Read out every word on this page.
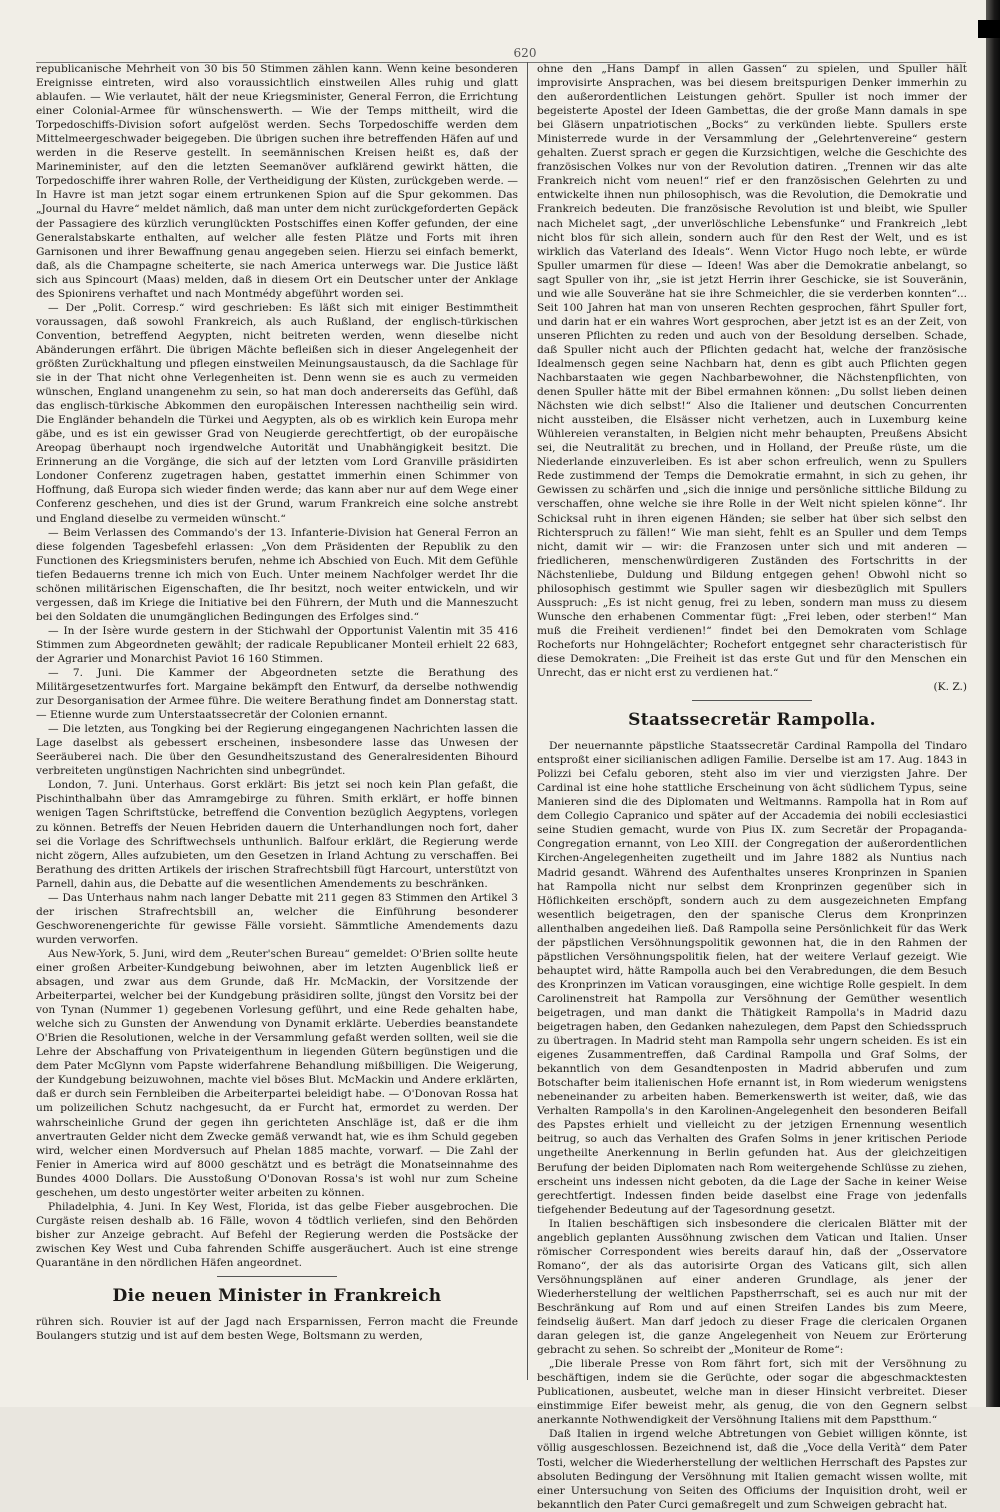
620

republicanische Mehrheit von 30 bis 50 Stimmen zählen kann. Wenn keine besonderen Ereignisse eintreten, wird also voraussichtlich einstweilen Alles ruhig und glatt ablaufen. — Wie verlautet, hält der neue Kriegsminister, General Ferron, die Errichtung einer Colonial-Armee für wünschenswerth. — Wie der Temps mittheilt, wird die Torpedoschiffs-Division sofort aufgelöst werden. Sechs Torpedoschiffe werden dem Mittelmeergeschwader beigegeben. Die übrigen suchen ihre betreffenden Häfen auf und werden in die Reserve gestellt. In seemännischen Kreisen heißt es, daß der Marineminister, auf den die letzten Seemanöver aufklärend gewirkt hätten, die Torpedoschiffe ihrer wahren Rolle, der Vertheidigung der Küsten, zurückgeben werde. — In Havre ist man jetzt sogar einem ertrunkenen Spion auf die Spur gekommen. Das „Journal du Havre“ meldet nämlich, daß man unter dem nicht zurückgeforderten Gepäck der Passagiere des kürzlich verunglückten Postschiffes einen Koffer gefunden, der eine Generalstabskarte enthalten, auf welcher alle festen Plätze und Forts mit ihren Garnisonen und ihrer Bewaffnung genau angegeben seien. Hierzu sei einfach bemerkt, daß, als die Champagne scheiterte, sie nach America unterwegs war. Die Justice läßt sich aus Spincourt (Maas) melden, daß in diesem Ort ein Deutscher unter der Anklage des Spionirens verhaftet und nach Montmédy abgeführt worden sei.

— Der „Polit. Corresp.“ wird geschrieben: Es läßt sich mit einiger Bestimmtheit voraussagen, daß sowohl Frankreich, als auch Rußland, der englisch-türkischen Convention, betreffend Aegypten, nicht beitreten werden, wenn dieselbe nicht Abänderungen erfährt. Die übrigen Mächte befleißen sich in dieser Angelegenheit der größten Zurückhaltung und pflegen einstweilen Meinungsaustausch, da die Sachlage für sie in der That nicht ohne Verlegenheiten ist. Denn wenn sie es auch zu vermeiden wünschen, England unangenehm zu sein, so hat man doch andererseits das Gefühl, daß das englisch-türkische Abkommen den europäischen Interessen nachtheilig sein wird. Die Engländer behandeln die Türkei und Aegypten, als ob es wirklich kein Europa mehr gäbe, und es ist ein gewisser Grad von Neugierde gerechtfertigt, ob der europäische Areopag überhaupt noch irgendwelche Autorität und Unabhängigkeit besitzt. Die Erinnerung an die Vorgänge, die sich auf der letzten vom Lord Granville präsidirten Londoner Conferenz zugetragen haben, gestattet immerhin einen Schimmer von Hoffnung, daß Europa sich wieder finden werde; das kann aber nur auf dem Wege einer Conferenz geschehen, und dies ist der Grund, warum Frankreich eine solche anstrebt und England dieselbe zu vermeiden wünscht.“

— Beim Verlassen des Commando's der 13. Infanterie-Division hat General Ferron an diese folgenden Tagesbefehl erlassen: „Von dem Präsidenten der Republik zu den Functionen des Kriegsministers berufen, nehme ich Abschied von Euch. Mit dem Gefühle tiefen Bedauerns trenne ich mich von Euch. Unter meinem Nachfolger werdet Ihr die schönen militärischen Eigenschaften, die Ihr besitzt, noch weiter entwickeln, und wir vergessen, daß im Kriege die Initiative bei den Führern, der Muth und die Manneszucht bei den Soldaten die unumgänglichen Bedingungen des Erfolges sind.“

— In der Isère wurde gestern in der Stichwahl der Opportunist Valentin mit 35 416 Stimmen zum Abgeordneten gewählt; der radicale Republicaner Monteil erhielt 22 683, der Agrarier und Monarchist Paviot 16 160 Stimmen.

— 7. Juni. Die Kammer der Abgeordneten setzte die Berathung des Militärgesetzentwurfes fort. Margaine bekämpft den Entwurf, da derselbe nothwendig zur Desorganisation der Armee führe. Die weitere Berathung findet am Donnerstag statt. — Etienne wurde zum Unterstaatssecretär der Colonien ernannt.

— Die letzten, aus Tongking bei der Regierung eingegangenen Nachrichten lassen die Lage daselbst als gebessert erscheinen, insbesondere lasse das Unwesen der Seeräuberei nach. Die über den Gesundheitszustand des Generalresidenten Bihourd verbreiteten ungünstigen Nachrichten sind unbegründet.

London, 7. Juni. Unterhaus. Gorst erklärt: Bis jetzt sei noch kein Plan gefaßt, die Pischinthalbahn über das Amramgebirge zu führen. Smith erklärt, er hoffe binnen wenigen Tagen Schriftstücke, betreffend die Convention bezüglich Aegyptens, vorlegen zu können. Betreffs der Neuen Hebriden dauern die Unterhandlungen noch fort, daher sei die Vorlage des Schriftwechsels unthunlich. Balfour erklärt, die Regierung werde nicht zögern, Alles aufzubieten, um den Gesetzen in Irland Achtung zu verschaffen. Bei Berathung des dritten Artikels der irischen Strafrechtsbill fügt Harcourt, unterstützt von Parnell, dahin aus, die Debatte auf die wesentlichen Amendements zu beschränken.

— Das Unterhaus nahm nach langer Debatte mit 211 gegen 83 Stimmen den Artikel 3 der irischen Strafrechtsbill an, welcher die Einführung besonderer Geschworenengerichte für gewisse Fälle vorsieht. Sämmtliche Amendements dazu wurden verworfen.

Aus New-York, 5. Juni, wird dem „Reuter'schen Bureau“ gemeldet: O'Brien sollte heute einer großen Arbeiter-Kundgebung beiwohnen, aber im letzten Augenblick ließ er absagen, und zwar aus dem Grunde, daß Hr. McMackin, der Vorsitzende der Arbeiterpartei, welcher bei der Kundgebung präsidiren sollte, jüngst den Vorsitz bei der von Tynan (Nummer 1) gegebenen Vorlesung geführt, und eine Rede gehalten habe, welche sich zu Gunsten der Anwendung von Dynamit erklärte. Ueberdies beanstandete O'Brien die Resolutionen, welche in der Versammlung gefaßt werden sollten, weil sie die Lehre der Abschaffung von Privateigenthum in liegenden Gütern begünstigen und die dem Pater McGlynn vom Papste widerfahrene Behandlung mißbilligen. Die Weigerung, der Kundgebung beizuwohnen, machte viel böses Blut. McMackin und Andere erklärten, daß er durch sein Fernbleiben die Arbeiterpartei beleidigt habe. — O'Donovan Rossa hat um polizeilichen Schutz nachgesucht, da er Furcht hat, ermordet zu werden. Der wahrscheinliche Grund der gegen ihn gerichteten Anschläge ist, daß er die ihm anvertrauten Gelder nicht dem Zwecke gemäß verwandt hat, wie es ihm Schuld gegeben wird, welcher einen Mordversuch auf Phelan 1885 machte, vorwarf. — Die Zahl der Fenier in America wird auf 8000 geschätzt und es beträgt die Monatseinnahme des Bundes 4000 Dollars. Die Ausstoßung O'Donovan Rossa's ist wohl nur zum Scheine geschehen, um desto ungestörter weiter arbeiten zu können.

Philadelphia, 4. Juni. In Key West, Florida, ist das gelbe Fieber ausgebrochen. Die Curgäste reisen deshalb ab. 16 Fälle, wovon 4 tödtlich verliefen, sind den Behörden bisher zur Anzeige gebracht. Auf Befehl der Regierung werden die Postsäcke der zwischen Key West und Cuba fahrenden Schiffe ausgeräuchert. Auch ist eine strenge Quarantäne in den nördlichen Häfen angeordnet.

Die neuen Minister in Frankreich

rühren sich. Rouvier ist auf der Jagd nach Ersparnissen, Ferron macht die Freunde Boulangers stutzig und ist auf dem besten Wege, Boltsmann zu werden,

ohne den „Hans Dampf in allen Gassen“ zu spielen, und Spuller hält improvisirte Ansprachen, was bei diesem breitspurigen Denker immerhin zu den außerordentlichen Leistungen gehört. Spuller ist noch immer der begeisterte Apostel der Ideen Gambettas, die der große Mann damals in spe bei Gläsern unpatriotischen „Bocks“ zu verkünden liebte. Spullers erste Ministerrede wurde in der Versammlung der „Gelehrtenvereine“ gestern gehalten. Zuerst sprach er gegen die Kurzsichtigen, welche die Geschichte des französischen Volkes nur von der Revolution datiren. „Trennen wir das alte Frankreich nicht vom neuen!“ rief er den französischen Gelehrten zu und entwickelte ihnen nun philosophisch, was die Revolution, die Demokratie und Frankreich bedeuten. Die französische Revolution ist und bleibt, wie Spuller nach Michelet sagt, „der unverlöschliche Lebensfunke“ und Frankreich „lebt nicht blos für sich allein, sondern auch für den Rest der Welt, und es ist wirklich das Vaterland des Ideals“. Wenn Victor Hugo noch lebte, er würde Spuller umarmen für diese — Ideen! Was aber die Demokratie anbelangt, so sagt Spuller von ihr, „sie ist jetzt Herrin ihrer Geschicke, sie ist Souveränin, und wie alle Souveräne hat sie ihre Schmeichler, die sie verderben konnten“... Seit 100 Jahren hat man von unseren Rechten gesprochen, fährt Spuller fort, und darin hat er ein wahres Wort gesprochen, aber jetzt ist es an der Zeit, von unseren Pflichten zu reden und auch von der Besoldung derselben. Schade, daß Spuller nicht auch der Pflichten gedacht hat, welche der französische Idealmensch gegen seine Nachbarn hat, denn es gibt auch Pflichten gegen Nachbarstaaten wie gegen Nachbarbewohner, die Nächstenpflichten, von denen Spuller hätte mit der Bibel ermahnen können: „Du sollst lieben deinen Nächsten wie dich selbst!“ Also die Italiener und deutschen Concurrenten nicht aussteiben, die Elsässer nicht verhetzen, auch in Luxemburg keine Wühlereien veranstalten, in Belgien nicht mehr behaupten, Preußens Absicht sei, die Neutralität zu brechen, und in Holland, der Preuße rüste, um die Niederlande einzuverleiben. Es ist aber schon erfreulich, wenn zu Spullers Rede zustimmend der Temps die Demokratie ermahnt, in sich zu gehen, ihr Gewissen zu schärfen und „sich die innige und persönliche sittliche Bildung zu verschaffen, ohne welche sie ihre Rolle in der Welt nicht spielen könne“. Ihr Schicksal ruht in ihren eigenen Händen; sie selber hat über sich selbst den Richterspruch zu fällen!“ Wie man sieht, fehlt es an Spuller und dem Temps nicht, damit wir — wir: die Franzosen unter sich und mit anderen — friedlicheren, menschenwürdigeren Zuständen des Fortschritts in der Nächstenliebe, Duldung und Bildung entgegen gehen! Obwohl nicht so philosophisch gestimmt wie Spuller sagen wir diesbezüglich mit Spullers Ausspruch: „Es ist nicht genug, frei zu leben, sondern man muss zu diesem Wunsche den erhabenen Commentar fügt: „Frei leben, oder sterben!“ Man muß die Freiheit verdienen!“ findet bei den Demokraten vom Schlage Rocheforts nur Hohngelächter; Rochefort entgegnet sehr characteristisch für diese Demokraten: „Die Freiheit ist das erste Gut und für den Menschen ein Unrecht, das er nicht erst zu verdienen hat.“

(K. Z.)

Staatssecretär Rampolla.

Der neuernannte päpstliche Staatssecretär Cardinal Rampolla del Tindaro entsproßt einer sicilianischen adligen Familie. Derselbe ist am 17. Aug. 1843 in Polizzi bei Cefalu geboren, steht also im vier und vierzigsten Jahre. Der Cardinal ist eine hohe stattliche Erscheinung von ächt südlichem Typus, seine Manieren sind die des Diplomaten und Weltmanns. Rampolla hat in Rom auf dem Collegio Capranico und später auf der Accademia dei nobili ecclesiastici seine Studien gemacht, wurde von Pius IX. zum Secretär der Propaganda-Congregation ernannt, von Leo XIII. der Congregation der außerordentlichen Kirchen-Angelegenheiten zugetheilt und im Jahre 1882 als Nuntius nach Madrid gesandt. Während des Aufenthaltes unseres Kronprinzen in Spanien hat Rampolla nicht nur selbst dem Kronprinzen gegenüber sich in Höflichkeiten erschöpft, sondern auch zu dem ausgezeichneten Empfang wesentlich beigetragen, den der spanische Clerus dem Kronprinzen allenthalben angedeihen ließ. Daß Rampolla seine Persönlichkeit für das Werk der päpstlichen Versöhnungspolitik gewonnen hat, die in den Rahmen der päpstlichen Versöhnungspolitik fielen, hat der weitere Verlauf gezeigt. Wie behauptet wird, hätte Rampolla auch bei den Verabredungen, die dem Besuch des Kronprinzen im Vatican vorausgingen, eine wichtige Rolle gespielt. In dem Carolinenstreit hat Rampolla zur Versöhnung der Gemüther wesentlich beigetragen, und man dankt die Thätigkeit Rampolla's in Madrid dazu beigetragen haben, den Gedanken nahezulegen, dem Papst den Schiedsspruch zu übertragen. In Madrid steht man Rampolla sehr ungern scheiden. Es ist ein eigenes Zusammentreffen, daß Cardinal Rampolla und Graf Solms, der bekanntlich von dem Gesandtenposten in Madrid abberufen und zum Botschafter beim italienischen Hofe ernannt ist, in Rom wiederum wenigstens nebeneinander zu arbeiten haben. Bemerkenswerth ist weiter, daß, wie das Verhalten Rampolla's in den Karolinen-Angelegenheit den besonderen Beifall des Papstes erhielt und vielleicht zu der jetzigen Ernennung wesentlich beitrug, so auch das Verhalten des Grafen Solms in jener kritischen Periode ungetheilte Anerkennung in Berlin gefunden hat. Aus der gleichzeitigen Berufung der beiden Diplomaten nach Rom weitergehende Schlüsse zu ziehen, erscheint uns indessen nicht geboten, da die Lage der Sache in keiner Weise gerechtfertigt. Indessen finden beide daselbst eine Frage von jedenfalls tiefgehender Bedeutung auf der Tagesordnung gesetzt.

In Italien beschäftigen sich insbesondere die clericalen Blätter mit der angeblich geplanten Aussöhnung zwischen dem Vatican und Italien. Unser römischer Correspondent wies bereits darauf hin, daß der „Osservatore Romano“, der als das autorisirte Organ des Vaticans gilt, sich allen Versöhnungsplänen auf einer anderen Grundlage, als jener der Wiederherstellung der weltlichen Papstherrschaft, sei es auch nur mit der Beschränkung auf Rom und auf einen Streifen Landes bis zum Meere, feindselig äußert. Man darf jedoch zu dieser Frage die clericalen Organen daran gelegen ist, die ganze Angelegenheit von Neuem zur Erörterung gebracht zu sehen. So schreibt der „Moniteur de Rome“:

„Die liberale Presse von Rom fährt fort, sich mit der Versöhnung zu beschäftigen, indem sie die Gerüchte, oder sogar die abgeschmacktesten Publicationen, ausbeutet, welche man in dieser Hinsicht verbreitet. Dieser einstimmige Eifer beweist mehr, als genug, die von den Gegnern selbst anerkannte Nothwendigkeit der Versöhnung Italiens mit dem Papstthum.“

Daß Italien in irgend welche Abtretungen von Gebiet willigen könnte, ist völlig ausgeschlossen. Bezeichnend ist, daß die „Voce della Verità“ dem Pater Tosti, welcher die Wiederherstellung der weltlichen Herrschaft des Papstes zur absoluten Bedingung der Versöhnung mit Italien gemacht wissen wollte, mit einer Untersuchung von Seiten des Officiums der Inquisition droht, weil er bekanntlich den Pater Curci gemaßregelt und zum Schweigen gebracht hat.
